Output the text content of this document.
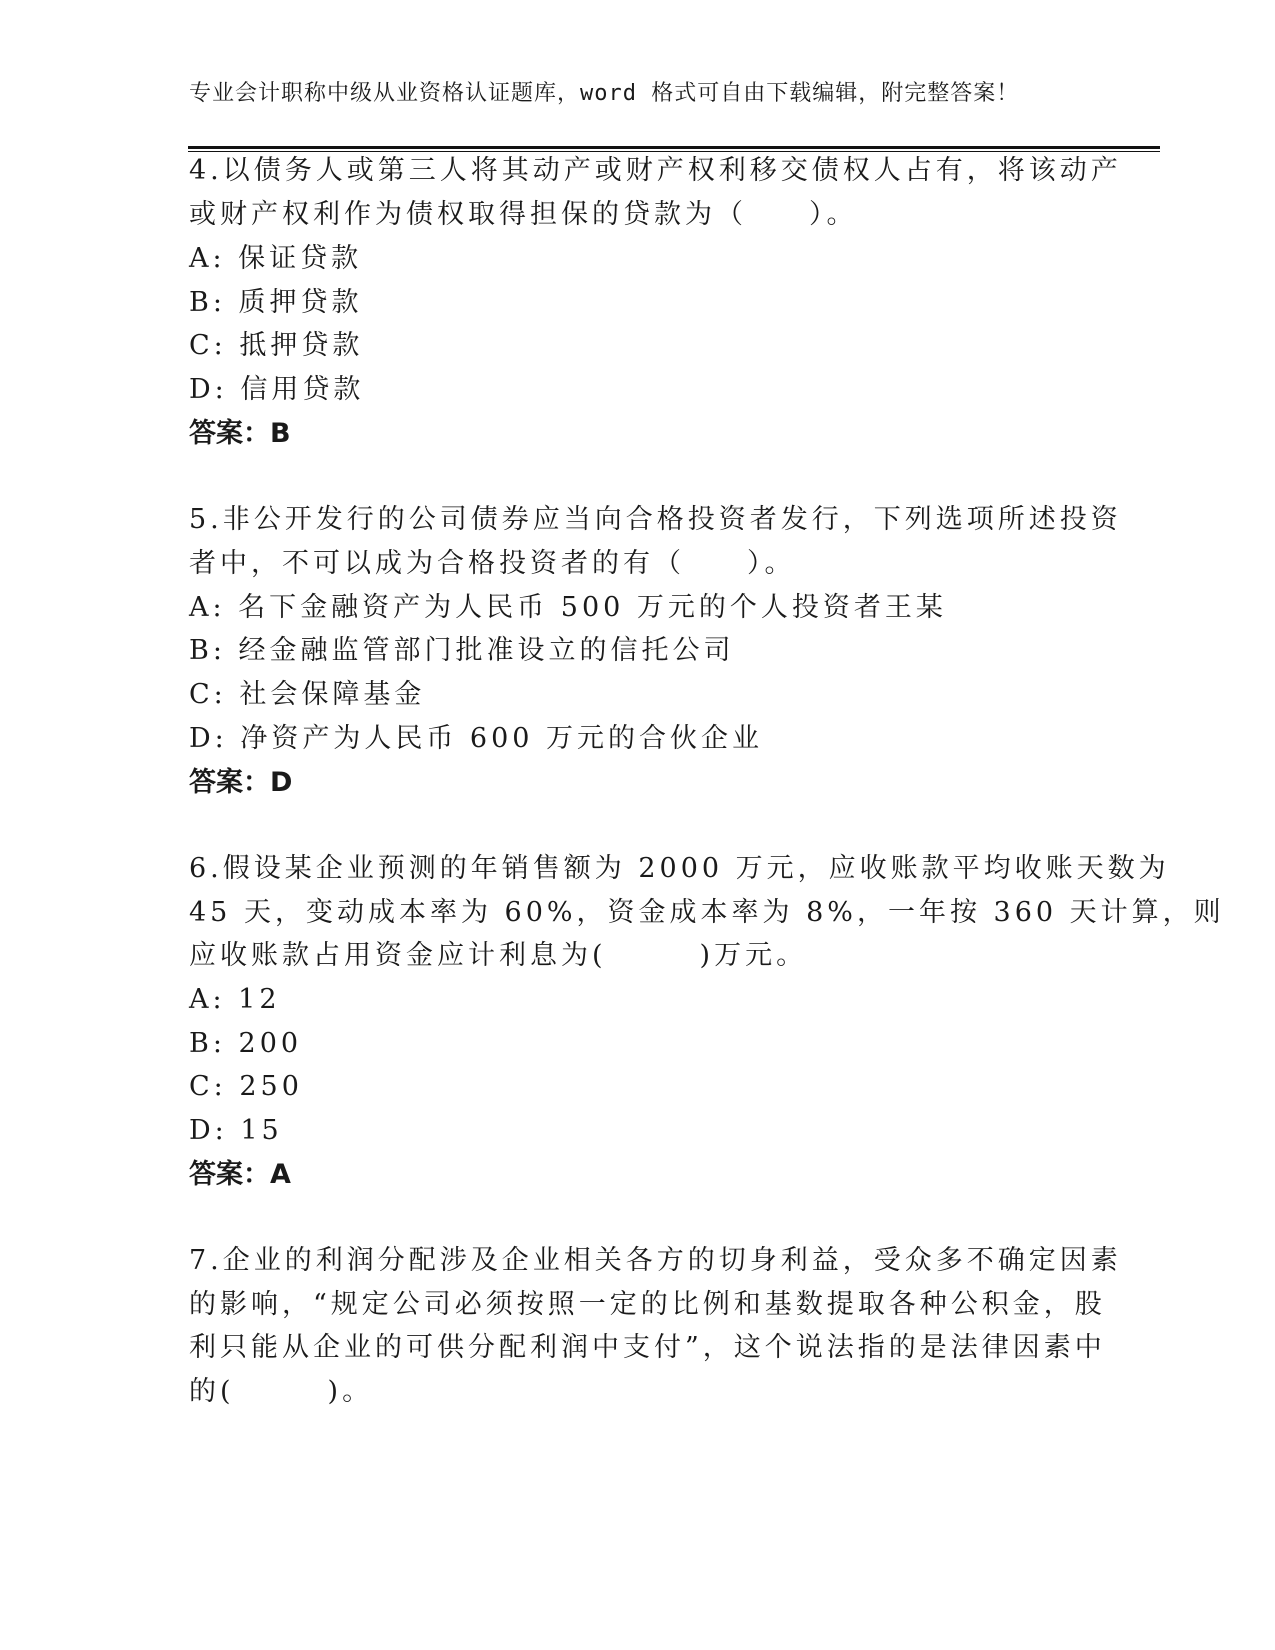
专业会计职称中级从业资格认证题库，word 格式可自由下载编辑，附完整答案！
4.以债务人或第三人将其动产或财产权利移交债权人占有，将该动产
或财产权利作为债权取得担保的贷款为（　　）。
A: 保证贷款
B: 质押贷款
C: 抵押贷款
D: 信用贷款
答案：B
5.非公开发行的公司债券应当向合格投资者发行，下列选项所述投资
者中，不可以成为合格投资者的有（　　）。
A: 名下金融资产为人民币 500 万元的个人投资者王某
B: 经金融监管部门批准设立的信托公司
C: 社会保障基金
D: 净资产为人民币 600 万元的合伙企业
答案：D
6.假设某企业预测的年销售额为 2000 万元，应收账款平均收账天数为
45 天，变动成本率为 60%，资金成本率为 8%，一年按 360 天计算，则
应收账款占用资金应计利息为(　　　)万元。
A: 12
B: 200
C: 250
D: 15
答案：A
7.企业的利润分配涉及企业相关各方的切身利益，受众多不确定因素
的影响，“规定公司必须按照一定的比例和基数提取各种公积金，股
利只能从企业的可供分配利润中支付”，这个说法指的是法律因素中
的(　　　)。
